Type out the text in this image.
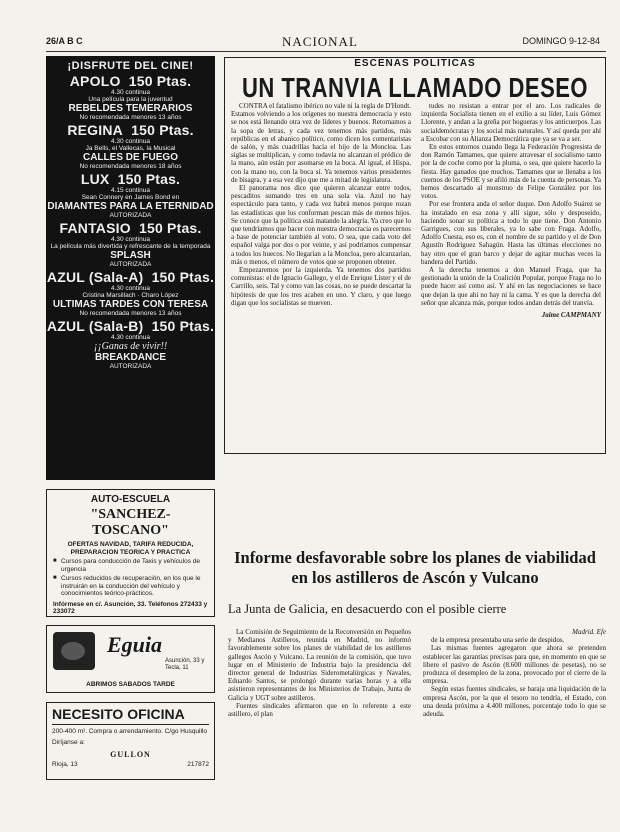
26/A B C	NACIONAL	DOMINGO 9-12-84
¡DISFRUTE DEL CINE!
APOLO 150 Ptas.
4.30 continua
Una película para la juventud
REBELDES TEMERARIOS
No recomendada menores 13 años
REGINA 150 Ptas.
4.30 continua
Ja Bells, el Vallecas, la Musical
CALLES DE FUEGO
No recomendada menores 18 años
LUX 150 Ptas.
4.15 continua
Sean Connery en James Bond en
DIAMANTES PARA LA ETERNIDAD
AUTORIZADA
FANTASIO 150 Ptas.
4.30 continua
La película más divertida y refrescante de la temporada
SPLASH
AUTORIZADA
AZUL (Sala-A) 150 Ptas.
4.30 continua
Cristina Marsillach · Charo López
ULTIMAS TARDES CON TERESA
No recomendada menores 13 años
AZUL (Sala-B) 150 Ptas.
4.30 continua
¡¡Ganas de vivir!!
BREAKDANCE
AUTORIZADA
AUTO-ESCUELA
"SANCHEZ-TOSCANO"
OFERTAS NAVIDAD, TARIFA REDUCIDA, PREPARACION TEORICA Y PRACTICA
■ Cursos para conducción de Taxis y vehículos de urgencia
■ Cursos reducidos de recuperación, en los que le instruirán en la conducción del vehículo y conocimientos teórico-prácticos.
Infórmese en c/. Asunción, 33. Teléfonos 272433 y 233072
Eguia
Asunción, 33 y Tecla, 11
ABRIMOS SABADOS TARDE
NECESITO OFICINA
200-400 m². Compra o arrendamiento. C/go Husquillo
Diríjanse a:
GULLON
Rioja, 13	217872
ESCENAS POLITICAS
UN TRANVIA LLAMADO DESEO

CONTRA el fatalismo ibérico no vale ni la regla de D'Hondt. Estamos volviendo a los orígenes no nuestra democracia y esto se nos está llenando otra vez de líderes y buenos. Retornamos a la sopa de letras, y cada vez tenemos más partidos, más repúblicas en el abanico político, como dicen los comentaristas de salón, y más cuadrillas hacia el hijo de la Moncloa. Las siglas se multiplican, y como todavía no alcanzan el prédico de la mano, aún están por asomarse en la boca. Al igual, el Hispa, con la mano no, con la boca sí. Ya tenemos varios presidentes de bisagra, y a esa vez dijo que me a mitad de legislatura.

El panorama nos dice que quieren alcanzar entre todos, pescaditos sumando tres en una sola vía. Azul no hay espectáculo para tanto, y cada vez habrá menos porque rozan las estadísticas que los conforman pescan más de menos hijos. Se conoce que la política está matando la alegría. Ya creo que lo que tendríamos que hacer con nuestra democracia es parecernos a base de potenciar también al voto. O sea, que cada voto del español valga por dos o por veinte, y así podríamos compensar a todos los huecos. No llegarían a la Moncloa, pero alcanzarían, más o menos, el número de votos que se proponen obtener.

Empezaremos por la izquierda. Ya tenemos dos partidos comunistas: el de Ignacio Gallego, y el de Enrique Líster y el de Carrillo, seis. Tal y como van las cosas, no se puede descartar la hipótesis de que los tres acaben en uno. Y claro, y que luego digan que los socialistas se mueven.

tudes no resistan a entrar por el aro. Los radicales de izquierda Socialista tienen en el exilio a su líder, Luis Gómez Llorente, y andan a la greña por hogueras y los anticuerpos. Las socialdemócratas y los social más naturales. Y así queda por ahí a Escobar con su Alianza Democrática que ya se va a ser.

En estos entornos cuando llega la Federación Progresista de don Ramón Tamames, que quiere atravesar el socialismo tanto por la de coche como por la pluma, o sea, que quiere hacerlo la fiesta. Hay ganados que muchos. Tamames que se llenaba a los cuernos de los PSOE y se afiló más de la cuenta de personas. Ya hemos descartado al monstruo de Felipe González por los votos.

Por ese frontera anda el señor duque. Don Adolfo Suárez se ha instalado en esa zona y allí sigue, sólo y desposeído, haciendo sonar su política a todo lo que tiene. Don Antonio Garrigues, con sus liberales, ya lo sabe con Fraga. Adolfo, Adolfo Cuesta, eso es, con el nombre de su partido y el de Don Agustín Rodríguez Sahagún. Hasta las últimas elecciones no hay otro que el gran barco y dejar de agitar muchas veces la bandera del Partido.

A la derecha tenemos a don Manuel Fraga, que ha gestionado la unión de la Coalición Popular, porque Fraga no lo puede hacer así como así. Y ahí en las negociaciones se hace que dejan la que ahí no hay ni la cama. Y es que la derecha del señor que alcanza más, porque todos andan detrás del tranvía.

Jaime CAMPMANY
Informe desfavorable sobre los planes de viabilidad en los astilleros de Ascón y Vulcano
La Junta de Galicia, en desacuerdo con el posible cierre

La Comisión de Seguimiento de la Reconversión en Pequeños y Medianos Astilleros, reunida en Madrid, no informó favorablemente sobre los planes de viabilidad de los astilleros gallegos Ascón y Vulcano. La reunión de la comisión, que tuvo lugar en el Ministerio de Industria bajo la presidencia del director general de Industrias Siderometalúrgicas y Navales, Eduardo Santos, se prolongó durante varias horas y a ella asistieron representantes de los Ministerios de Trabajo, Junta de Galicia y UGT sobre astilleros.

Fuentes sindicales afirmaron que en lo referente a este astillero, el plan

Madrid. Efe

de la empresa presentaba una serie de despidos.

Las mismas fuentes agregaron que ahora se pretenden establecer las garantías precisas para que, en momento en que se libere el pasivo de Ascón (8.600 millones de pesetas), no se produzca el desempleo de la zona, provocado por el cierre de la empresa.

Según estas fuentes sindicales, se baraja una liquidación de la empresa Ascón, por la que el tesoro no tendría, el Estado, con una deuda próxima a 4.400 millones, porcentaje todo lo que se adeuda.
